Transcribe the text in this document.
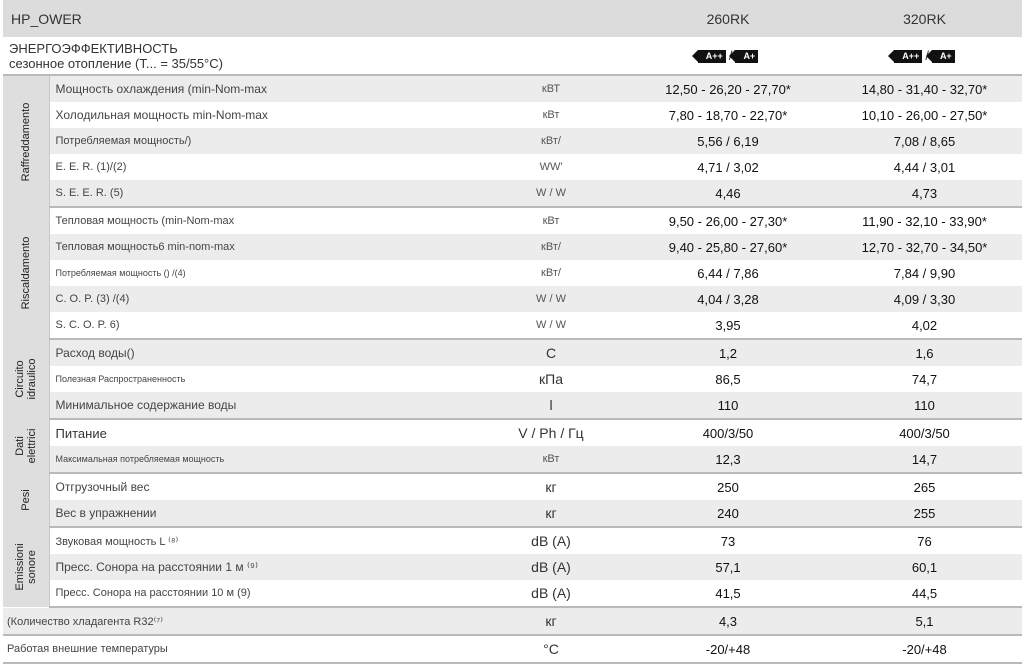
HP_OWER			260RK	320RK

ЭНЕРГОЭФФЕКТИВНОСТЬ
сезонное отопление (Т... = 35/55°C)			A++ A+	A++ A+

Raffreddamento	Мощность охлаждения (min-Nom-max	кВТ	12,50 - 26,20 - 27,70*	14,80 - 31,40 - 32,70*
	Холодильная мощность min-Nom-max	кВт	7,80 - 18,70 - 22,70*	10,10 - 26,00 - 27,50*
	Потребляемая мощность/)	кВт/	5,56 / 6,19	7,08 / 8,65
	E. E. R. (1)/(2)	WW'	4,71 / 3,02	4,44 / 3,01
	S. E. E. R. (5)	W / W	4,46	4,73

Riscaldamento	Тепловая мощность (min-Nom-max	кВт	9,50 - 26,00 - 27,30*	11,90 - 32,10 - 33,90*
	Тепловая мощность6 min-nom-max	кВт/	9,40 - 25,80 - 27,60*	12,70 - 32,70 - 34,50*
	Потребляемая мощность () /(4)	кВт/	6,44 / 7,86	7,84 / 9,90
	C. O. P. (3) /(4)	W / W	4,04 / 3,28	4,09 / 3,30
	S. C. O. P. 6)	W / W	3,95	4,02

Circuito
idraulico	Расход воды()	C	1,2	1,6
	Полезная Распространенность	кПа	86,5	74,7
	Минимальное содержание воды	l	110	110

Dati
elettrici	Питание	V / Ph / Гц	400/3/50	400/3/50
	Максимальная потребляемая мощность	кВт	12,3	14,7

Pesi	Отгрузочный вес	кг	250	265
	Вес в упражнении	кг	240	255

Emissioni
sonore	Звуковая мощность L ⁽⁸⁾	dB (A)	73	76
	Пресс. Сонора на расстоянии 1 м ⁽⁹⁾	dB (A)	57,1	60,1
	Пресс. Сонора на расстоянии 10 м (9)	dB (A)	41,5	44,5
(Количество хладагента R32⁽⁷⁾		кг	4,3	5,1
Работая внешние температуры		°C	-20/+48	-20/+48
